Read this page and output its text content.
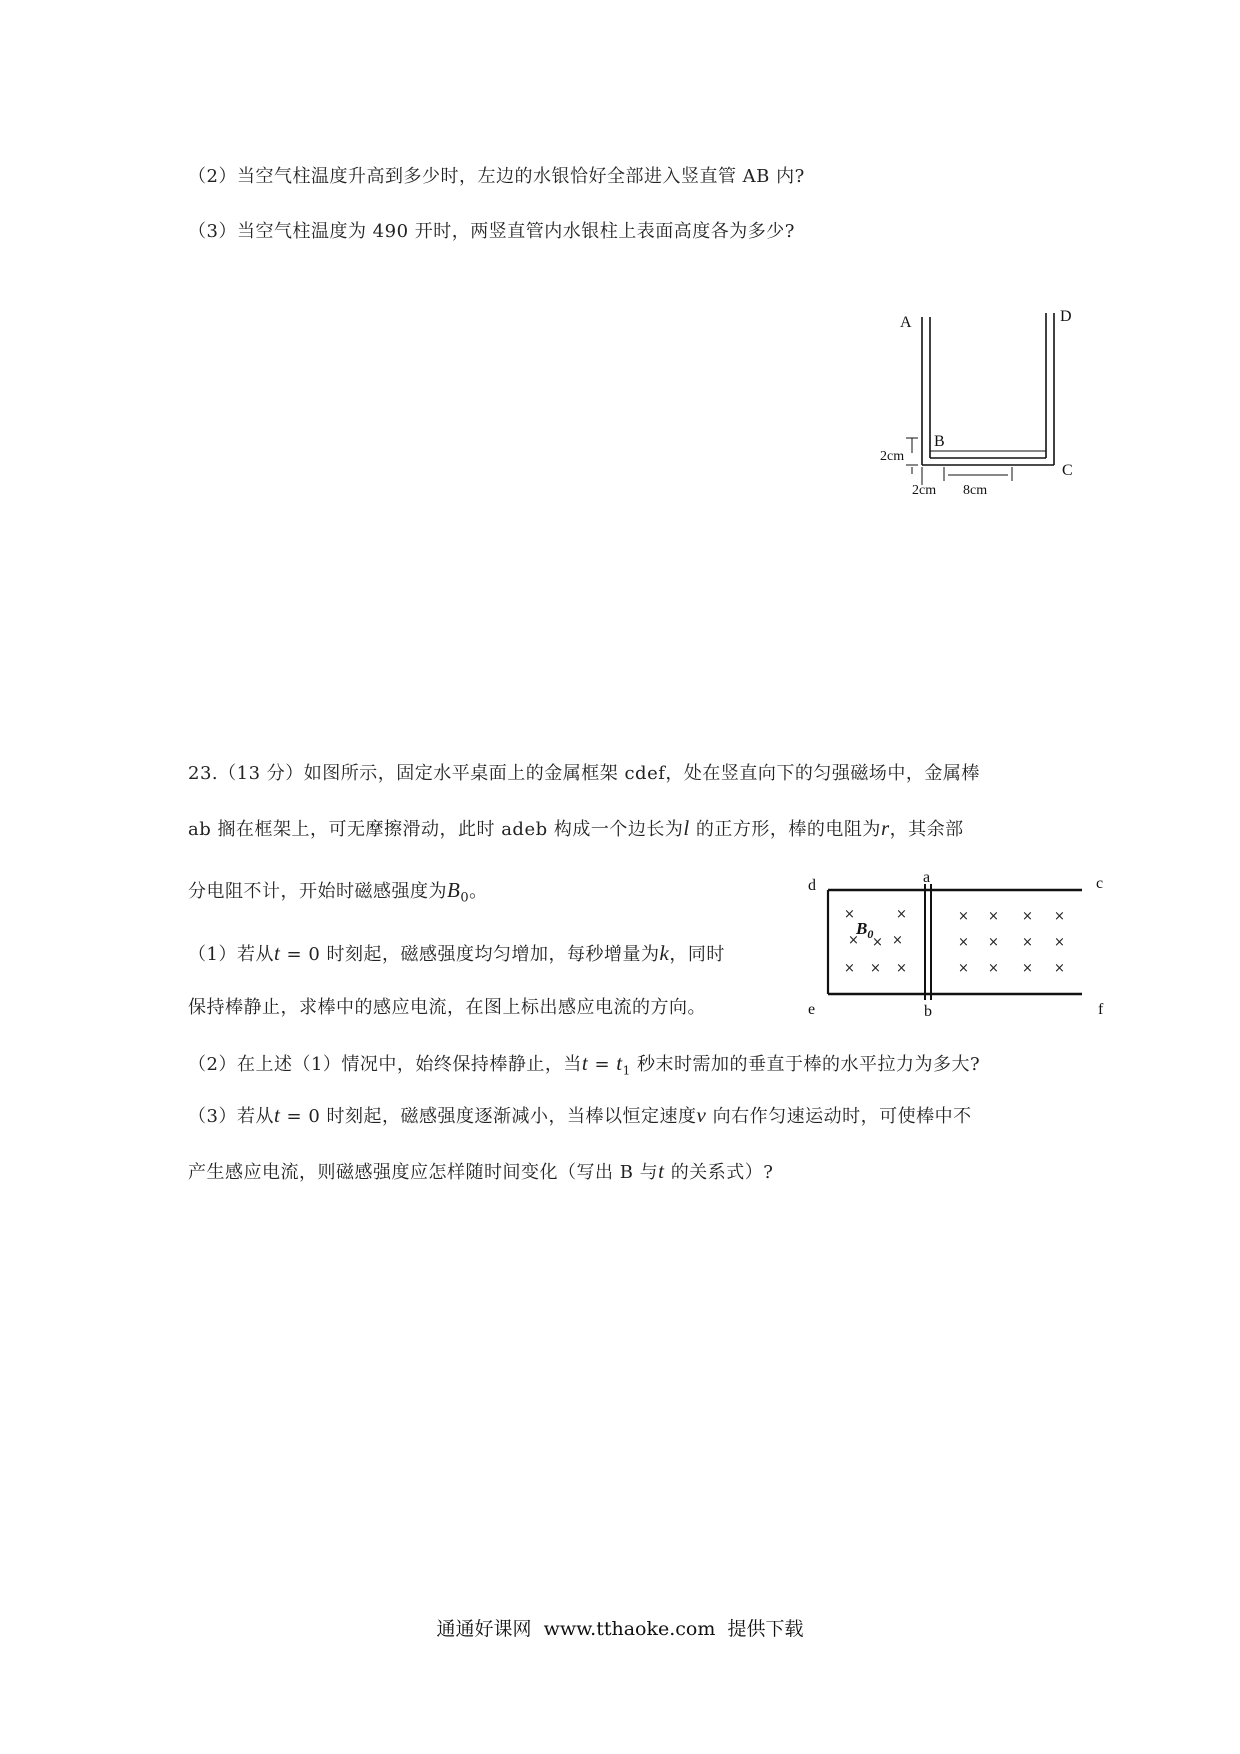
（2）当空气柱温度升高到多少时，左边的水银恰好全部进入竖直管 AB 内?
（3）当空气柱温度为 490 开时，两竖直管内水银柱上表面高度各为多少?
A
B
C
D
2cm
2cm 8cm
23.（13 分）如图所示，固定水平桌面上的金属框架 cdef，处在竖直向下的匀强磁场中，金属棒
ab 搁在框架上，可无摩擦滑动，此时 adeb 构成一个边长为l 的正方形，棒的电阻为r，其余部
分电阻不计，开始时磁感强度为$B_0$。
（1）若从t = 0 时刻起，磁感强度均匀增加，每秒增量为k，同时
保持棒静止，求棒中的感应电流，在图上标出感应电流的方向。
（2）在上述（1）情况中，始终保持棒静止，当$t = t_1$ 秒末时需加的垂直于棒的水平拉力为多大?
（3）若从t = 0 时刻起，磁感强度逐渐减小，当棒以恒定速度v 向右作匀速运动时，可使棒中不
产生感应电流，则磁感强度应怎样随时间变化（写出 B 与t 的关系式）?
×	×
× × ×
× × ×
× × × ×
× × × ×
× × × ×
d	a	c
e	b	f
$B_0$
通通好课网 www.tthaoke.com 提供下载
